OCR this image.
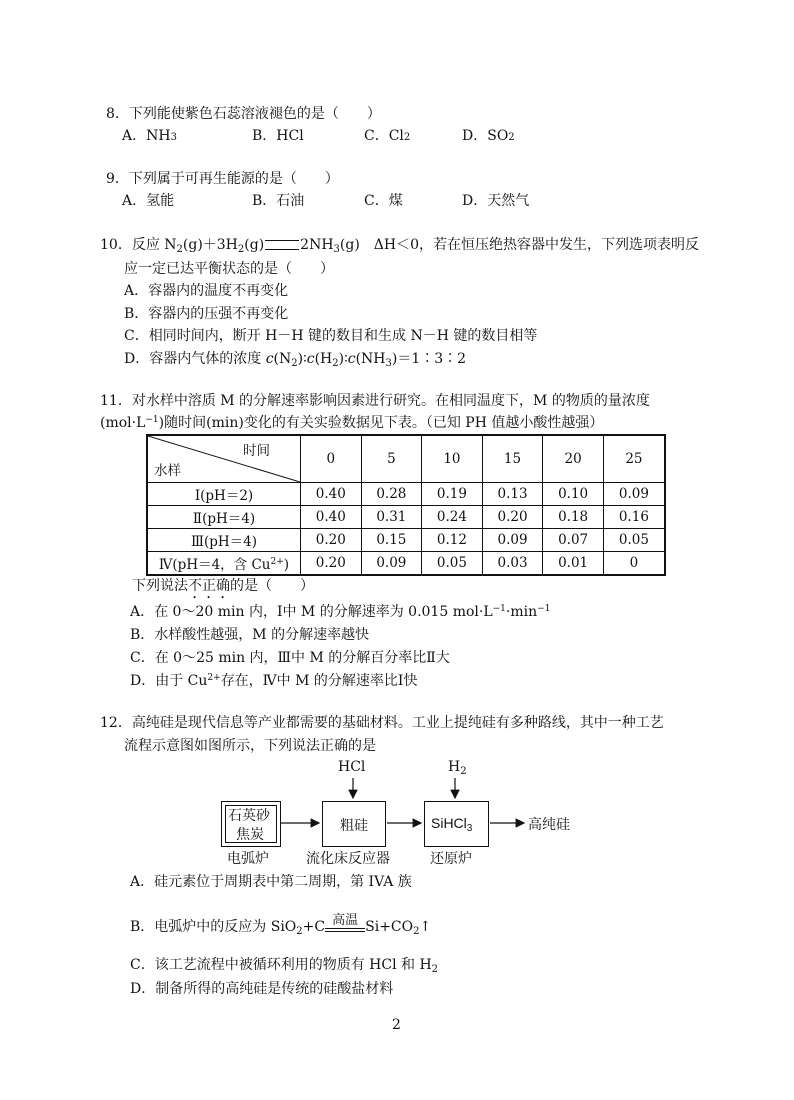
8．下列能使紫色石蕊溶液褪色的是（　　）
A．NH3	B．HCl	C．Cl2	D．SO2
9．下列属于可再生能源的是（　　）
A．氢能	B．石油	C．煤	D．天然气
10．反应 $N_2(g)+3H_2(g)$	$2NH_3(g)$　ΔH＜0，若在恒压绝热容器中发生，下列选项表明反
应一定已达平衡状态的是（　　）
A．容器内的温度不再变化
B．容器内的压强不再变化
C．相同时间内，断开 H－H 键的数目和生成 N－H 键的数目相等
D．容器内气体的浓度 $c(N_2)∶c(H_2)∶c(NH_3)=1∶3∶2$
11．对水样中溶质 M 的分解速率影响因素进行研究。在相同温度下，M 的物质的量浓度
$(mol\cdot L^{-1})$随时间(min)变化的有关实验数据见下表。（已知 PH 值越小酸性越强）
时间
水样	0	5	10	15	20	25
Ⅰ(pH＝2)	0.40	0.28	0.19	0.13	0.10	0.09
Ⅱ(pH＝4)	0.40	0.31	0.24	0.20	0.18	0.16
Ⅲ(pH＝4)	0.20	0.15	0.12	0.09	0.07	0.05
Ⅳ(pH＝4，含 $Cu^{2+}$)	0.20	0.09	0.05	0.03	0.01	0
下列说法不正确的是（　　）
A．在 0～20 min 内，Ⅰ中 M 的分解速率为 0.015 $mol\cdot L^{-1}\cdot\min^{-1}$
B．水样酸性越强，M 的分解速率越快
C．在 0～25 min 内，Ⅲ中 M 的分解百分率比Ⅱ大
D．由于 $Cu^{2+}$存在，Ⅳ中 M 的分解速率比Ⅰ快
12．高纯硅是现代信息等产业都需要的基础材料。工业上提纯硅有多种路线，其中一种工艺
流程示意图如图所示，下列说法正确的是
石英砂
焦炭
电弧炉
粗硅
HCl
流化床反应器
SiHCl$_3$
$H_2$
还原炉
高纯硅
A．硅元素位于周期表中第二周期，第 IVA 族
B．电弧炉中的反应为 SiO$_2$+C 高温 $Si+CO_2↑$
C．该工艺流程中被循环利用的物质有 HCl 和 $H_2$
D．制备所得的高纯硅是传统的硅酸盐材料
2
